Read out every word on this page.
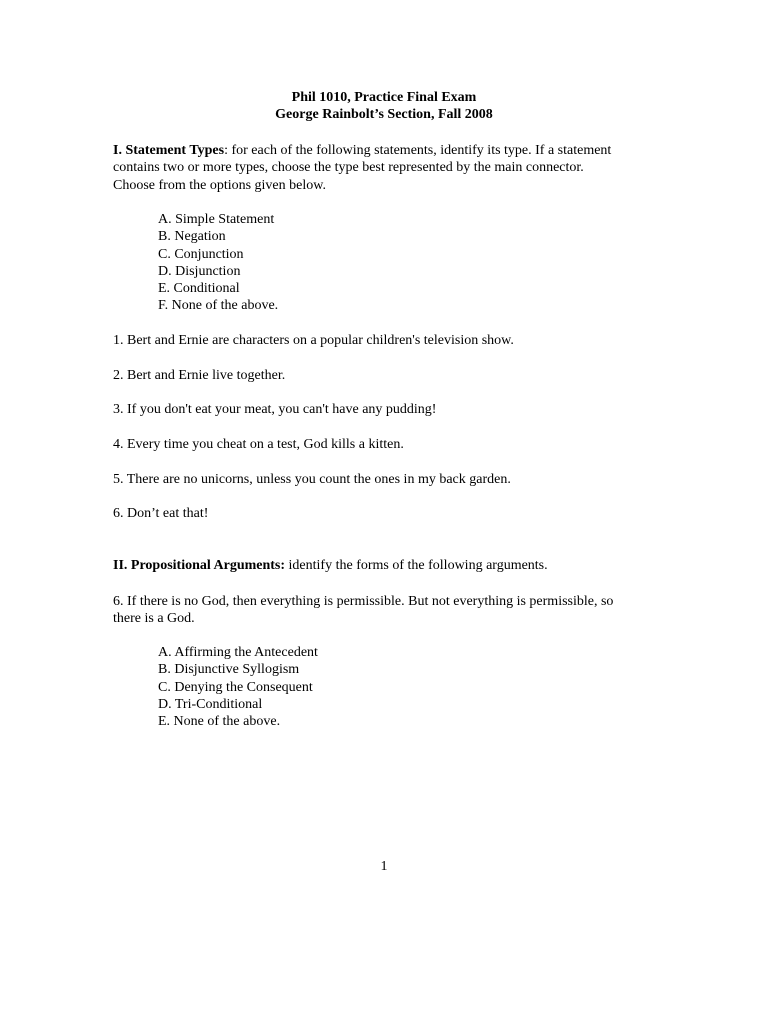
Phil 1010, Practice Final Exam
George Rainbolt’s Section, Fall 2008
I. Statement Types: for each of the following statements, identify its type. If a statement
contains two or more types, choose the type best represented by the main connector.
Choose from the options given below.
A. Simple Statement
B. Negation
C. Conjunction
D. Disjunction
E. Conditional
F. None of the above.
1. Bert and Ernie are characters on a popular children's television show.
2. Bert and Ernie live together.
3. If you don't eat your meat, you can't have any pudding!
4. Every time you cheat on a test, God kills a kitten.
5. There are no unicorns, unless you count the ones in my back garden.
6. Don’t eat that!
II. Propositional Arguments: identify the forms of the following arguments.
6. If there is no God, then everything is permissible. But not everything is permissible, so
there is a God.
A. Affirming the Antecedent
B. Disjunctive Syllogism
C. Denying the Consequent
D. Tri-Conditional
E. None of the above.
1
